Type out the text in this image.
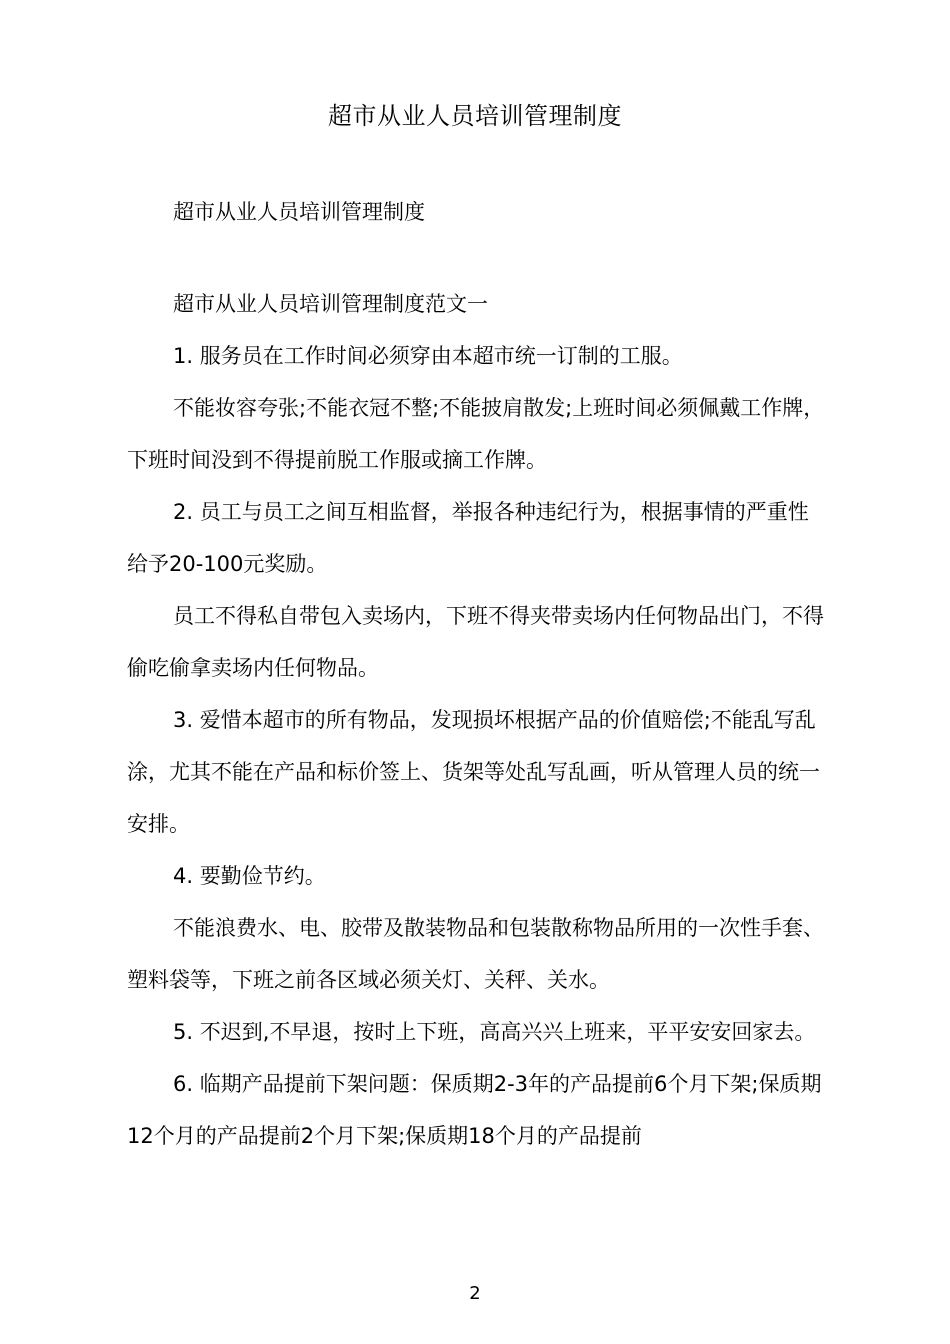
超市从业人员培训管理制度

超市从业人员培训管理制度

超市从业人员培训管理制度范文一

1. 服务员在工作时间必须穿由本超市统一订制的工服。

不能妆容夸张;不能衣冠不整;不能披肩散发;上班时间必须佩戴工作牌，下班时间没到不得提前脱工作服或摘工作牌。

2. 员工与员工之间互相监督，举报各种违纪行为，根据事情的严重性给予20-100元奖励。

员工不得私自带包入卖场内，下班不得夹带卖场内任何物品出门，不得偷吃偷拿卖场内任何物品。

3. 爱惜本超市的所有物品，发现损坏根据产品的价值赔偿;不能乱写乱涂，尤其不能在产品和标价签上、货架等处乱写乱画，听从管理人员的统一安排。

4. 要勤俭节约。

不能浪费水、电、胶带及散装物品和包装散称物品所用的一次性手套、塑料袋等，下班之前各区域必须关灯、关秤、关水。

5. 不迟到,不早退，按时上下班，高高兴兴上班来，平平安安回家去。

6. 临期产品提前下架问题：保质期2-3年的产品提前6个月下架;保质期12个月的产品提前2个月下架;保质期18个月的产品提前

2
